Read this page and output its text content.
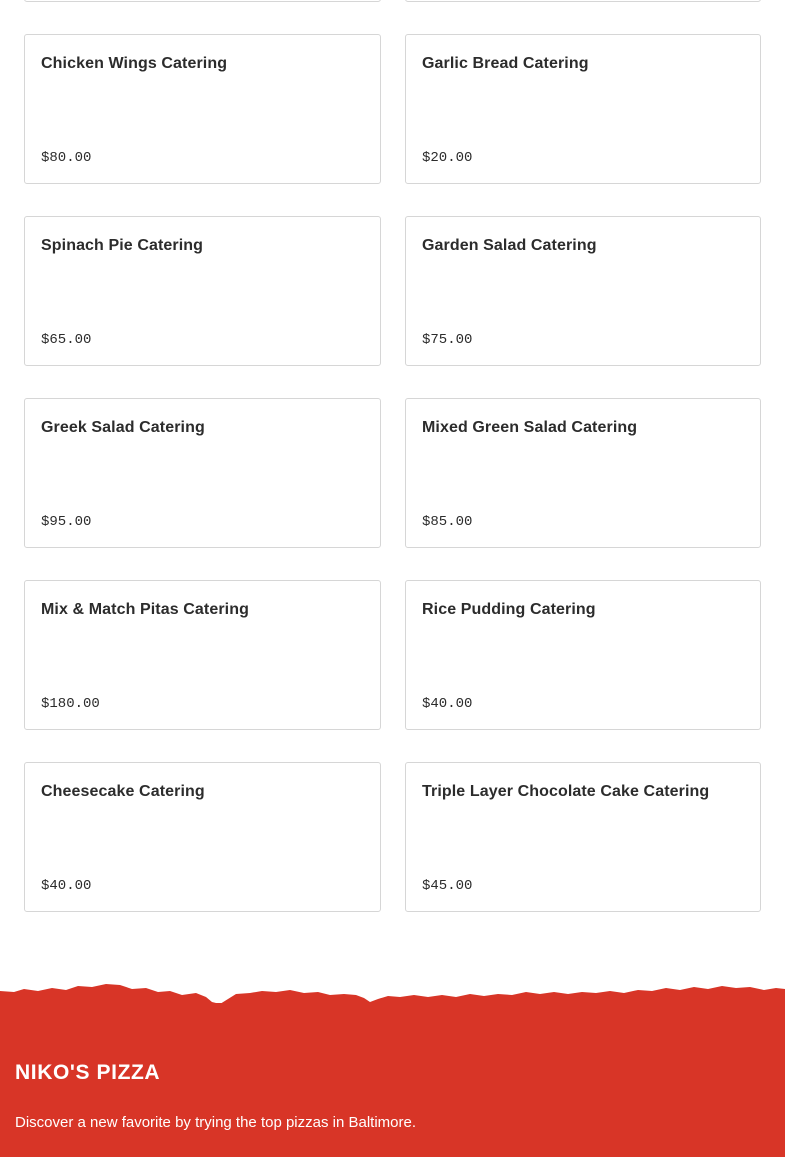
Chicken Wings Catering
$80.00
Garlic Bread Catering
$20.00
Spinach Pie Catering
$65.00
Garden Salad Catering
$75.00
Greek Salad Catering
$95.00
Mixed Green Salad Catering
$85.00
Mix & Match Pitas Catering
$180.00
Rice Pudding Catering
$40.00
Cheesecake Catering
$40.00
Triple Layer Chocolate Cake Catering
$45.00
NIKO'S PIZZA
Discover a new favorite by trying the top pizzas in Baltimore.
